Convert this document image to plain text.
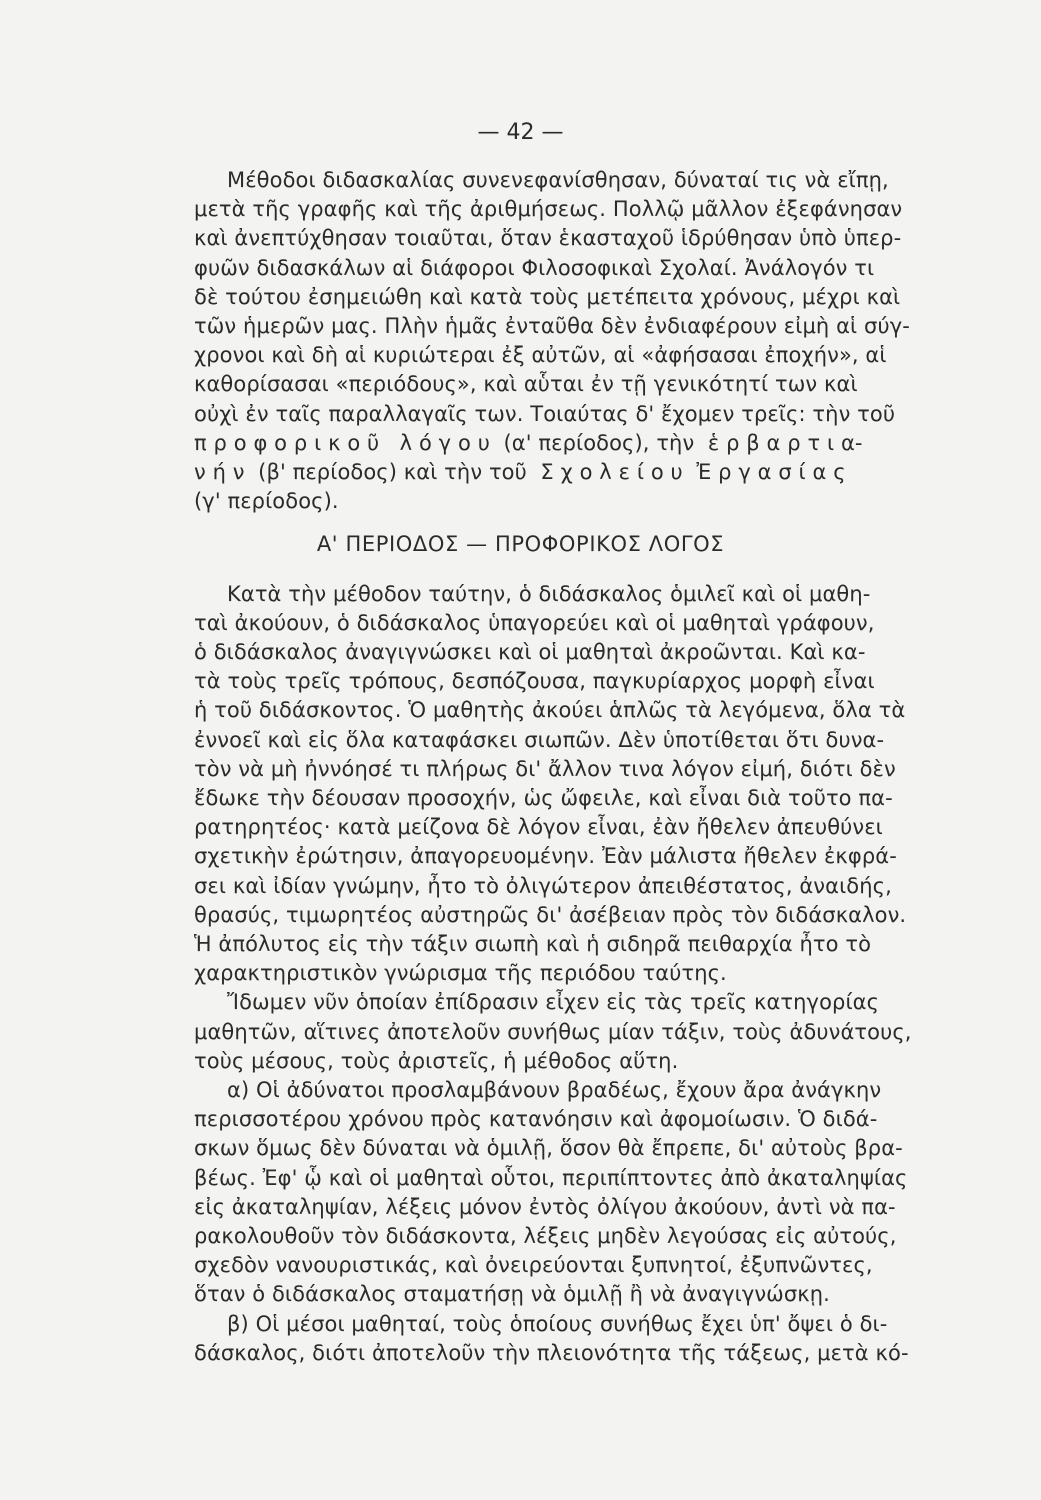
— 42 —
Μέθοδοι διδασκαλίας συνενεφανίσθησαν, δύναταί τις νὰ εἴπῃ,
μετὰ τῆς γραφῆς καὶ τῆς ἀριθμήσεως. Πολλῷ μᾶλλον ἐξεφάνησαν
καὶ ἀνεπτύχθησαν τοιαῦται, ὅταν ἑκασταχοῦ ἱδρύθησαν ὑπὸ ὑπερ-
φυῶν διδασκάλων αἱ διάφοροι Φιλοσοφικαὶ Σχολαί. Ἀνάλογόν τι
δὲ τούτου ἐσημειώθη καὶ κατὰ τοὺς μετέπειτα χρόνους, μέχρι καὶ
τῶν ἡμερῶν μας. Πλὴν ἡμᾶς ἐνταῦθα δὲν ἐνδιαφέρουν εἰμὴ αἱ σύγ-
χρονοι καὶ δὴ αἱ κυριώτεραι ἐξ αὐτῶν, αἱ «ἀφήσασαι ἐποχήν», αἱ
καθορίσασαι «περιόδους», καὶ αὗται ἐν τῇ γενικότητί των καὶ
οὐχὶ ἐν ταῖς παραλλαγαῖς των. Τοιαύτας δ' ἔχομεν τρεῖς: τὴν τοῦ
π ρ ο φ ο ρ ι κ ο ῦ   λ ό γ ο υ  (α' περίοδος), τὴν  ἑ ρ β α ρ τ ι α-
ν ή ν  (β' περίοδος) καὶ τὴν τοῦ  Σ χ ο λ ε ί ο υ  Ἐ ρ γ α σ ί α ς
(γ' περίοδος).
Α' ΠΕΡΙΟΔΟΣ — ΠΡΟΦΟΡΙΚΟΣ ΛΟΓΟΣ
Κατὰ τὴν μέθοδον ταύτην, ὁ διδάσκαλος ὁμιλεῖ καὶ οἱ μαθη-
ταὶ ἀκούουν, ὁ διδάσκαλος ὑπαγορεύει καὶ οἱ μαθηταὶ γράφουν,
ὁ διδάσκαλος ἀναγιγνώσκει καὶ οἱ μαθηταὶ ἀκροῶνται. Καὶ κα-
τὰ τοὺς τρεῖς τρόπους, δεσπόζουσα, παγκυρίαρχος μορφὴ εἶναι
ἡ τοῦ διδάσκοντος. Ὁ μαθητὴς ἀκούει ἁπλῶς τὰ λεγόμενα, ὅλα τὰ
ἐννοεῖ καὶ εἰς ὅλα καταφάσκει σιωπῶν. Δὲν ὑποτίθεται ὅτι δυνα-
τὸν νὰ μὴ ἠννόησέ τι πλήρως δι' ἄλλον τινα λόγον εἰμή, διότι δὲν
ἔδωκε τὴν δέουσαν προσοχήν, ὡς ὤφειλε, καὶ εἶναι διὰ τοῦτο πα-
ρατηρητέος· κατὰ μείζονα δὲ λόγον εἶναι, ἐὰν ἤθελεν ἀπευθύνει
σχετικὴν ἐρώτησιν, ἀπαγορευομένην. Ἐὰν μάλιστα ἤθελεν ἐκφρά-
σει καὶ ἰδίαν γνώμην, ἦτο τὸ ὀλιγώτερον ἀπειθέστατος, ἀναιδής,
θρασύς, τιμωρητέος αὐστηρῶς δι' ἀσέβειαν πρὸς τὸν διδάσκαλον.
Ἡ ἀπόλυτος εἰς τὴν τάξιν σιωπὴ καὶ ἡ σιδηρᾶ πειθαρχία ἦτο τὸ
χαρακτηριστικὸν γνώρισμα τῆς περιόδου ταύτης.
Ἴδωμεν νῦν ὁποίαν ἐπίδρασιν εἶχεν εἰς τὰς τρεῖς κατηγορίας
μαθητῶν, αἵτινες ἀποτελοῦν συνήθως μίαν τάξιν, τοὺς ἀδυνάτους,
τοὺς μέσους, τοὺς ἀριστεῖς, ἡ μέθοδος αὕτη.
α) Οἱ ἀδύνατοι προσλαμβάνουν βραδέως, ἔχουν ἄρα ἀνάγκην
περισσοτέρου χρόνου πρὸς κατανόησιν καὶ ἀφομοίωσιν. Ὁ διδά-
σκων ὅμως δὲν δύναται νὰ ὁμιλῇ, ὅσον θὰ ἔπρεπε, δι' αὐτοὺς βρα-
βέως. Ἐφ' ᾧ καὶ οἱ μαθηταὶ οὗτοι, περιπίπτοντες ἀπὸ ἀκαταληψίας
εἰς ἀκαταληψίαν, λέξεις μόνον ἐντὸς ὀλίγου ἀκούουν, ἀντὶ νὰ πα-
ρακολουθοῦν τὸν διδάσκοντα, λέξεις μηδὲν λεγούσας εἰς αὐτούς,
σχεδὸν νανουριστικάς, καὶ ὀνειρεύονται ξυπνητοί, ἐξυπνῶντες,
ὅταν ὁ διδάσκαλος σταματήσῃ νὰ ὁμιλῇ ἢ νὰ ἀναγιγνώσκῃ.
β) Οἱ μέσοι μαθηταί, τοὺς ὁποίους συνήθως ἔχει ὑπ' ὄψει ὁ δι-
δάσκαλος, διότι ἀποτελοῦν τὴν πλειονότητα τῆς τάξεως, μετὰ κό-
